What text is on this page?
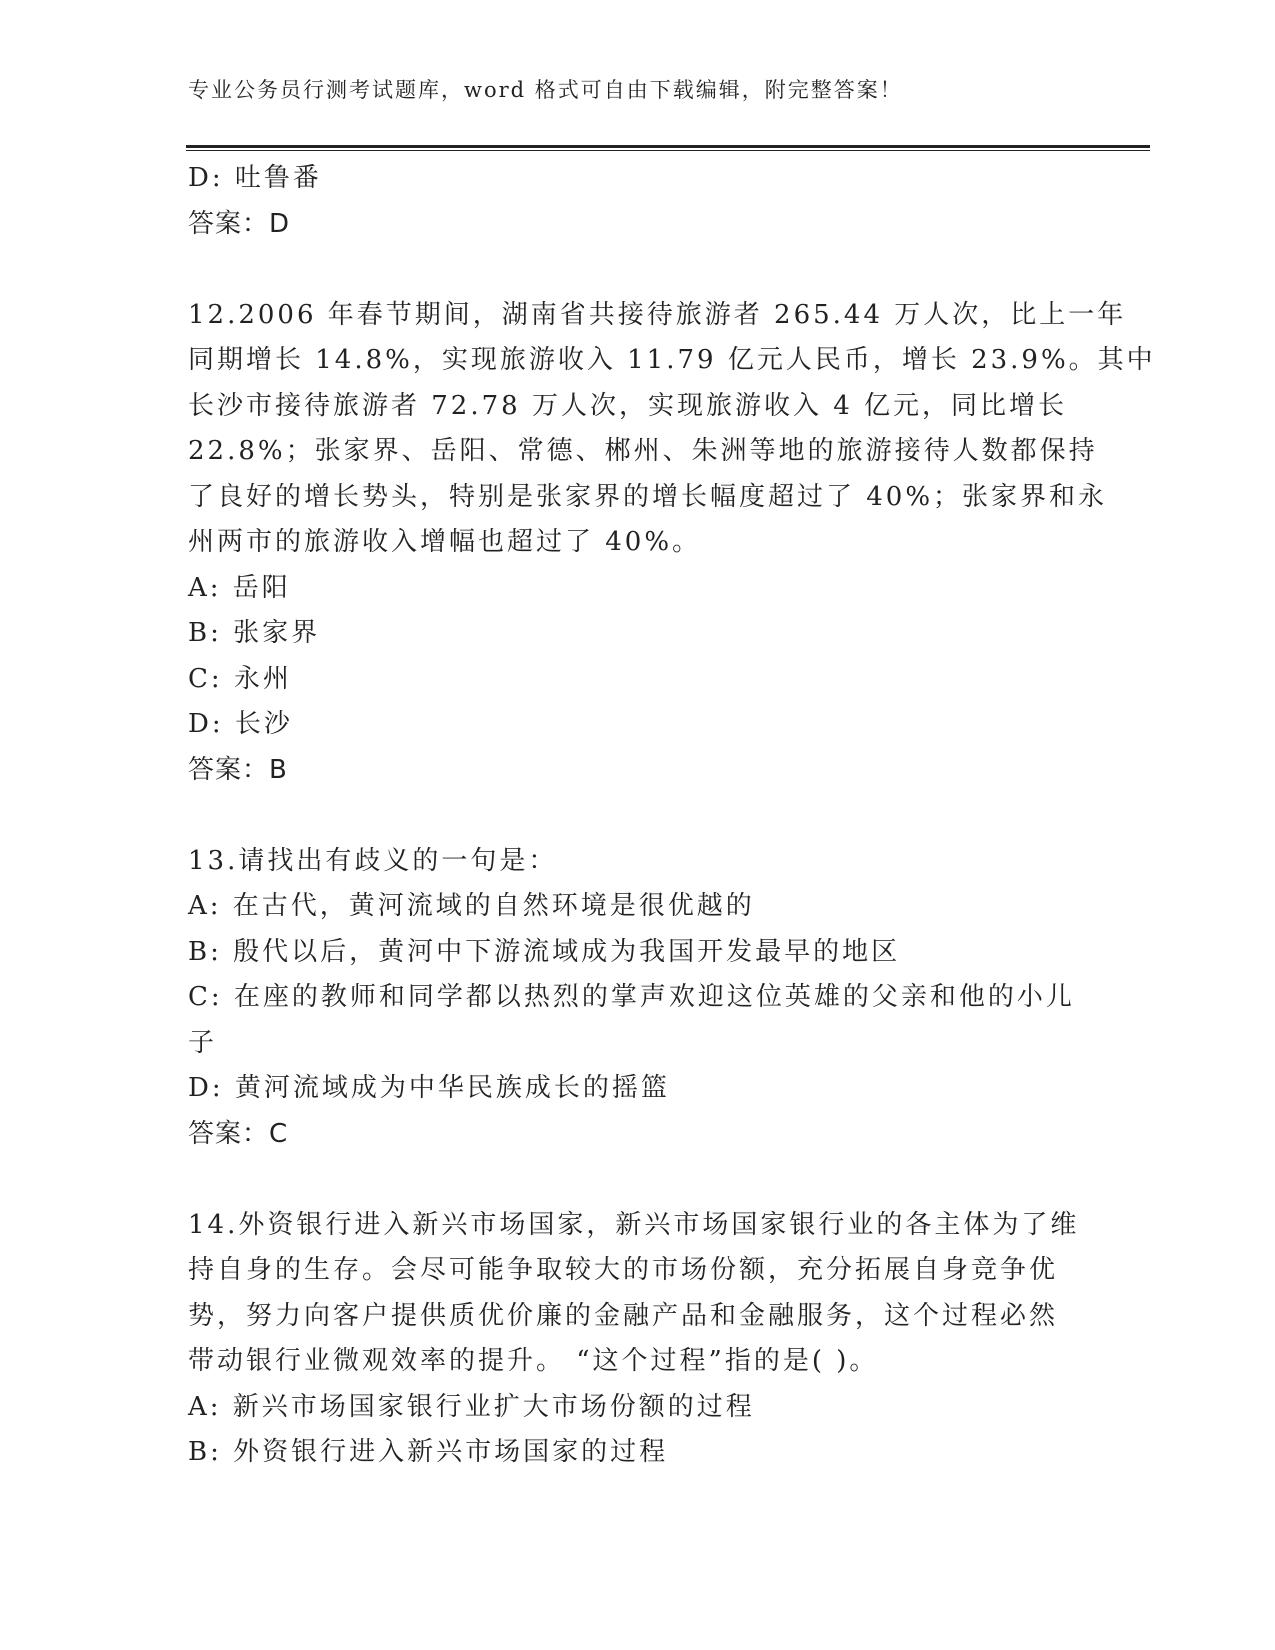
专业公务员行测考试题库，word 格式可自由下载编辑，附完整答案！
D: 吐鲁番
答案：D
12.2006 年春节期间，湖南省共接待旅游者 265.44 万人次，比上一年
同期增长 14.8%，实现旅游收入 11.79 亿元人民币，增长 23.9%。其中
长沙市接待旅游者 72.78 万人次，实现旅游收入 4 亿元，同比增长
22.8%；张家界、岳阳、常德、郴州、朱洲等地的旅游接待人数都保持
了良好的增长势头，特别是张家界的增长幅度超过了 40%；张家界和永
州两市的旅游收入增幅也超过了 40%。
A: 岳阳
B: 张家界
C: 永州
D: 长沙
答案：B
13.请找出有歧义的一句是：
A: 在古代，黄河流域的自然环境是很优越的
B: 殷代以后，黄河中下游流域成为我国开发最早的地区
C: 在座的教师和同学都以热烈的掌声欢迎这位英雄的父亲和他的小儿
子
D: 黄河流域成为中华民族成长的摇篮
答案：C
14.外资银行进入新兴市场国家，新兴市场国家银行业的各主体为了维
持自身的生存。会尽可能争取较大的市场份额，充分拓展自身竞争优
势，努力向客户提供质优价廉的金融产品和金融服务，这个过程必然
带动银行业微观效率的提升。 “这个过程”指的是( )。
A: 新兴市场国家银行业扩大市场份额的过程
B: 外资银行进入新兴市场国家的过程
